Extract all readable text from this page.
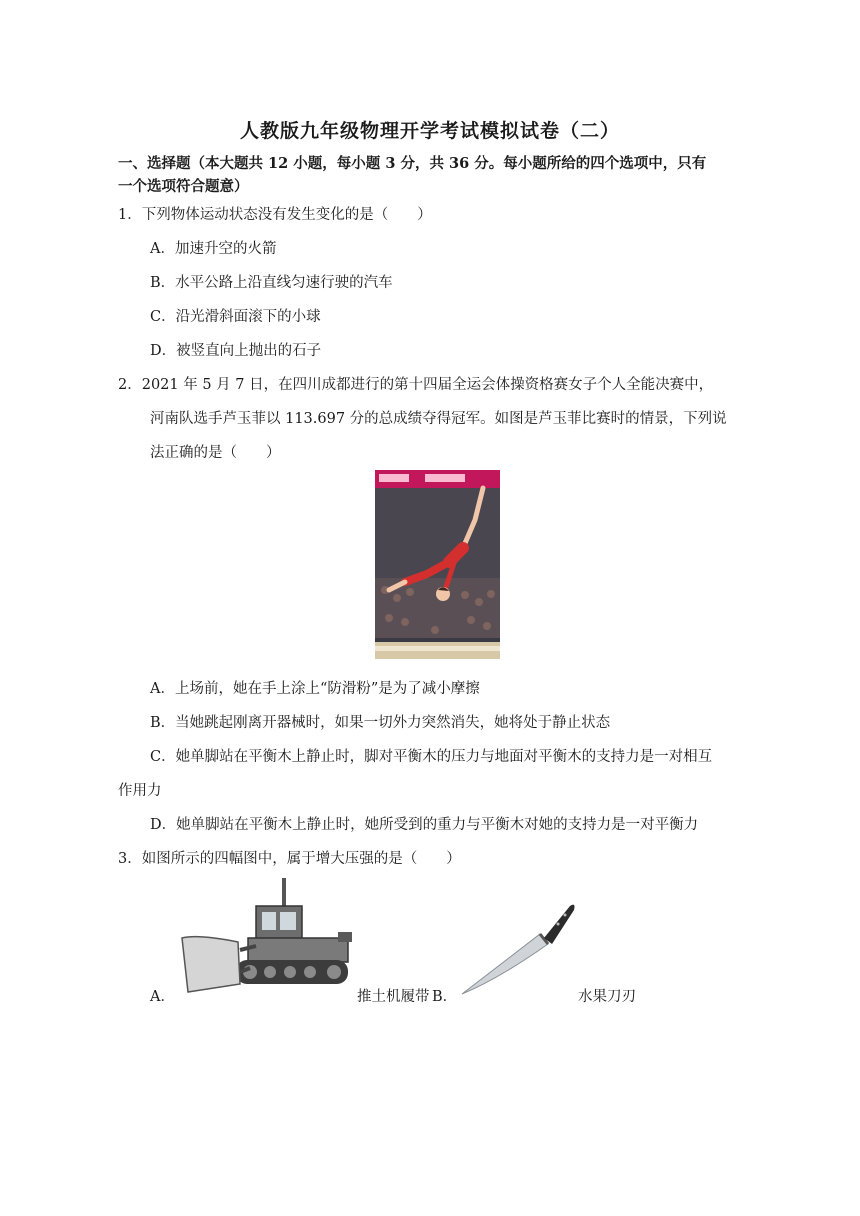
人教版九年级物理开学考试模拟试卷（二）
一、选择题（本大题共 12 小题，每小题 3 分，共 36 分。每小题所给的四个选项中，只有
一个选项符合题意）
1．下列物体运动状态没有发生变化的是（　　）
A．加速升空的火箭
B．水平公路上沿直线匀速行驶的汽车
C．沿光滑斜面滚下的小球
D．被竖直向上抛出的石子
2．2021 年 5 月 7 日，在四川成都进行的第十四届全运会体操资格赛女子个人全能决赛中，
河南队选手芦玉菲以 113.697 分的总成绩夺得冠军。如图是芦玉菲比赛时的情景，下列说
法正确的是（　　）
A．上场前，她在手上涂上“防滑粉”是为了减小摩擦
B．当她跳起刚离开器械时，如果一切外力突然消失，她将处于静止状态
C．她单脚站在平衡木上静止时，脚对平衡木的压力与地面对平衡木的支持力是一对相互
作用力
D．她单脚站在平衡木上静止时，她所受到的重力与平衡木对她的支持力是一对平衡力
3．如图所示的四幅图中，属于增大压强的是（　　）
A．	推土机履带 B．	水果刀刃
